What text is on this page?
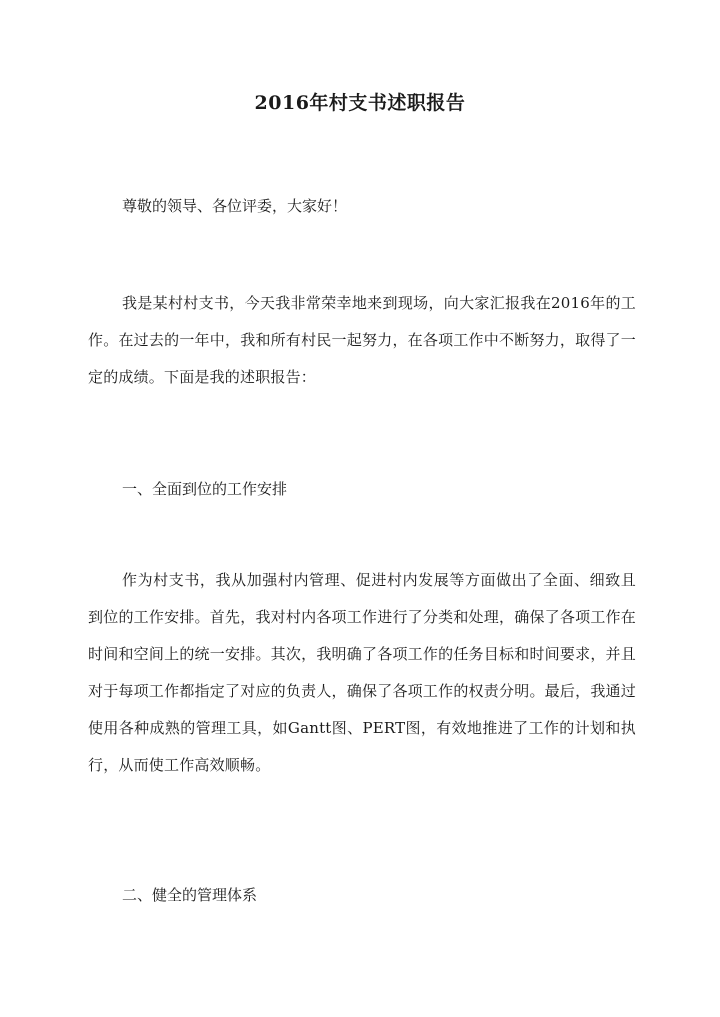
2016年村支书述职报告
尊敬的领导、各位评委，大家好！

我是某村村支书，今天我非常荣幸地来到现场，向大家汇报我在2016年的工作。在过去的一年中，我和所有村民一起努力，在各项工作中不断努力，取得了一定的成绩。下面是我的述职报告：

一、全面到位的工作安排

作为村支书，我从加强村内管理、促进村内发展等方面做出了全面、细致且到位的工作安排。首先，我对村内各项工作进行了分类和处理，确保了各项工作在时间和空间上的统一安排。其次，我明确了各项工作的任务目标和时间要求，并且对于每项工作都指定了对应的负责人，确保了各项工作的权责分明。最后，我通过使用各种成熟的管理工具，如Gantt图、PERT图，有效地推进了工作的计划和执行，从而使工作高效顺畅。

二、健全的管理体系
